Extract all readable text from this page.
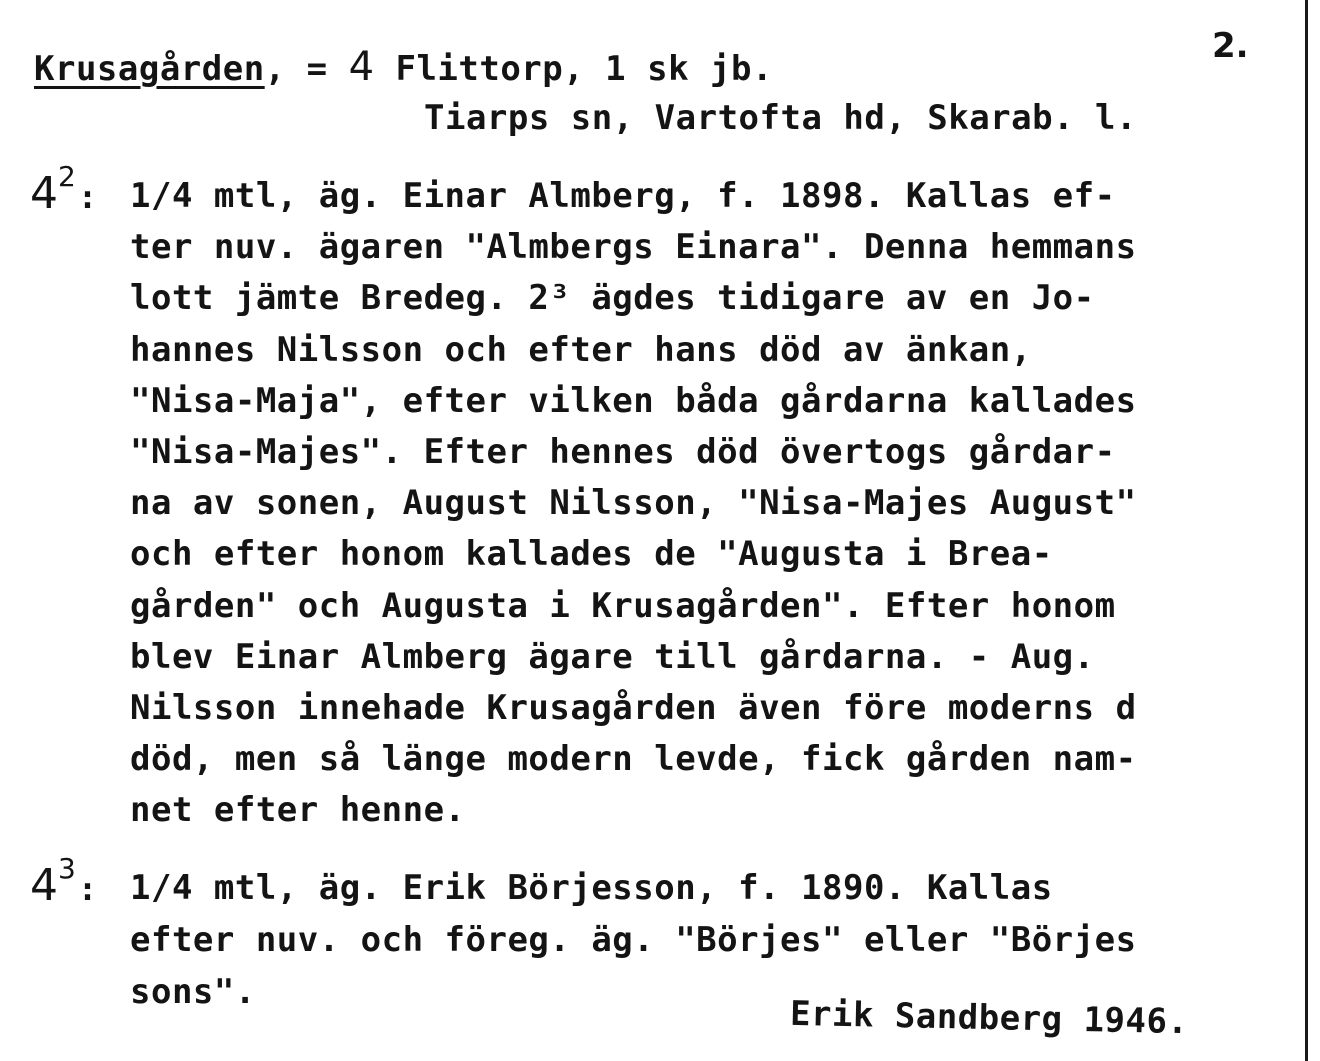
Krusagården, = 4 Flittorp, 1 sk jb.
2.
Tiarps sn, Vartofta hd, Skarab. l.
$4^2$: 1/4 mtl, äg. Einar Almberg, f. 1898. Kallas ef-
ter nuv. ägaren "Almbergs Einara". Denna hemmans
lott jämte Bredeg. 2³ ägdes tidigare av en Jo-
hannes Nilsson och efter hans död av änkan,
"Nisa-Maja", efter vilken båda gårdarna kallades
"Nisa-Majes". Efter hennes död övertogs gårdar-
na av sonen, August Nilsson, "Nisa-Majes August"
och efter honom kallades de "Augusta i Brea-
gården" och Augusta i Krusagården". Efter honom
blev Einar Almberg ägare till gårdarna. - Aug.
Nilsson innehade Krusagården även före moderns d
död, men så länge modern levde, fick gården nam-
net efter henne.
$4^3$: 1/4 mtl, äg. Erik Börjesson, f. 1890. Kallas
efter nuv. och föreg. äg. "Börjes" eller "Börjes
sons".
Erik Sandberg 1946.
